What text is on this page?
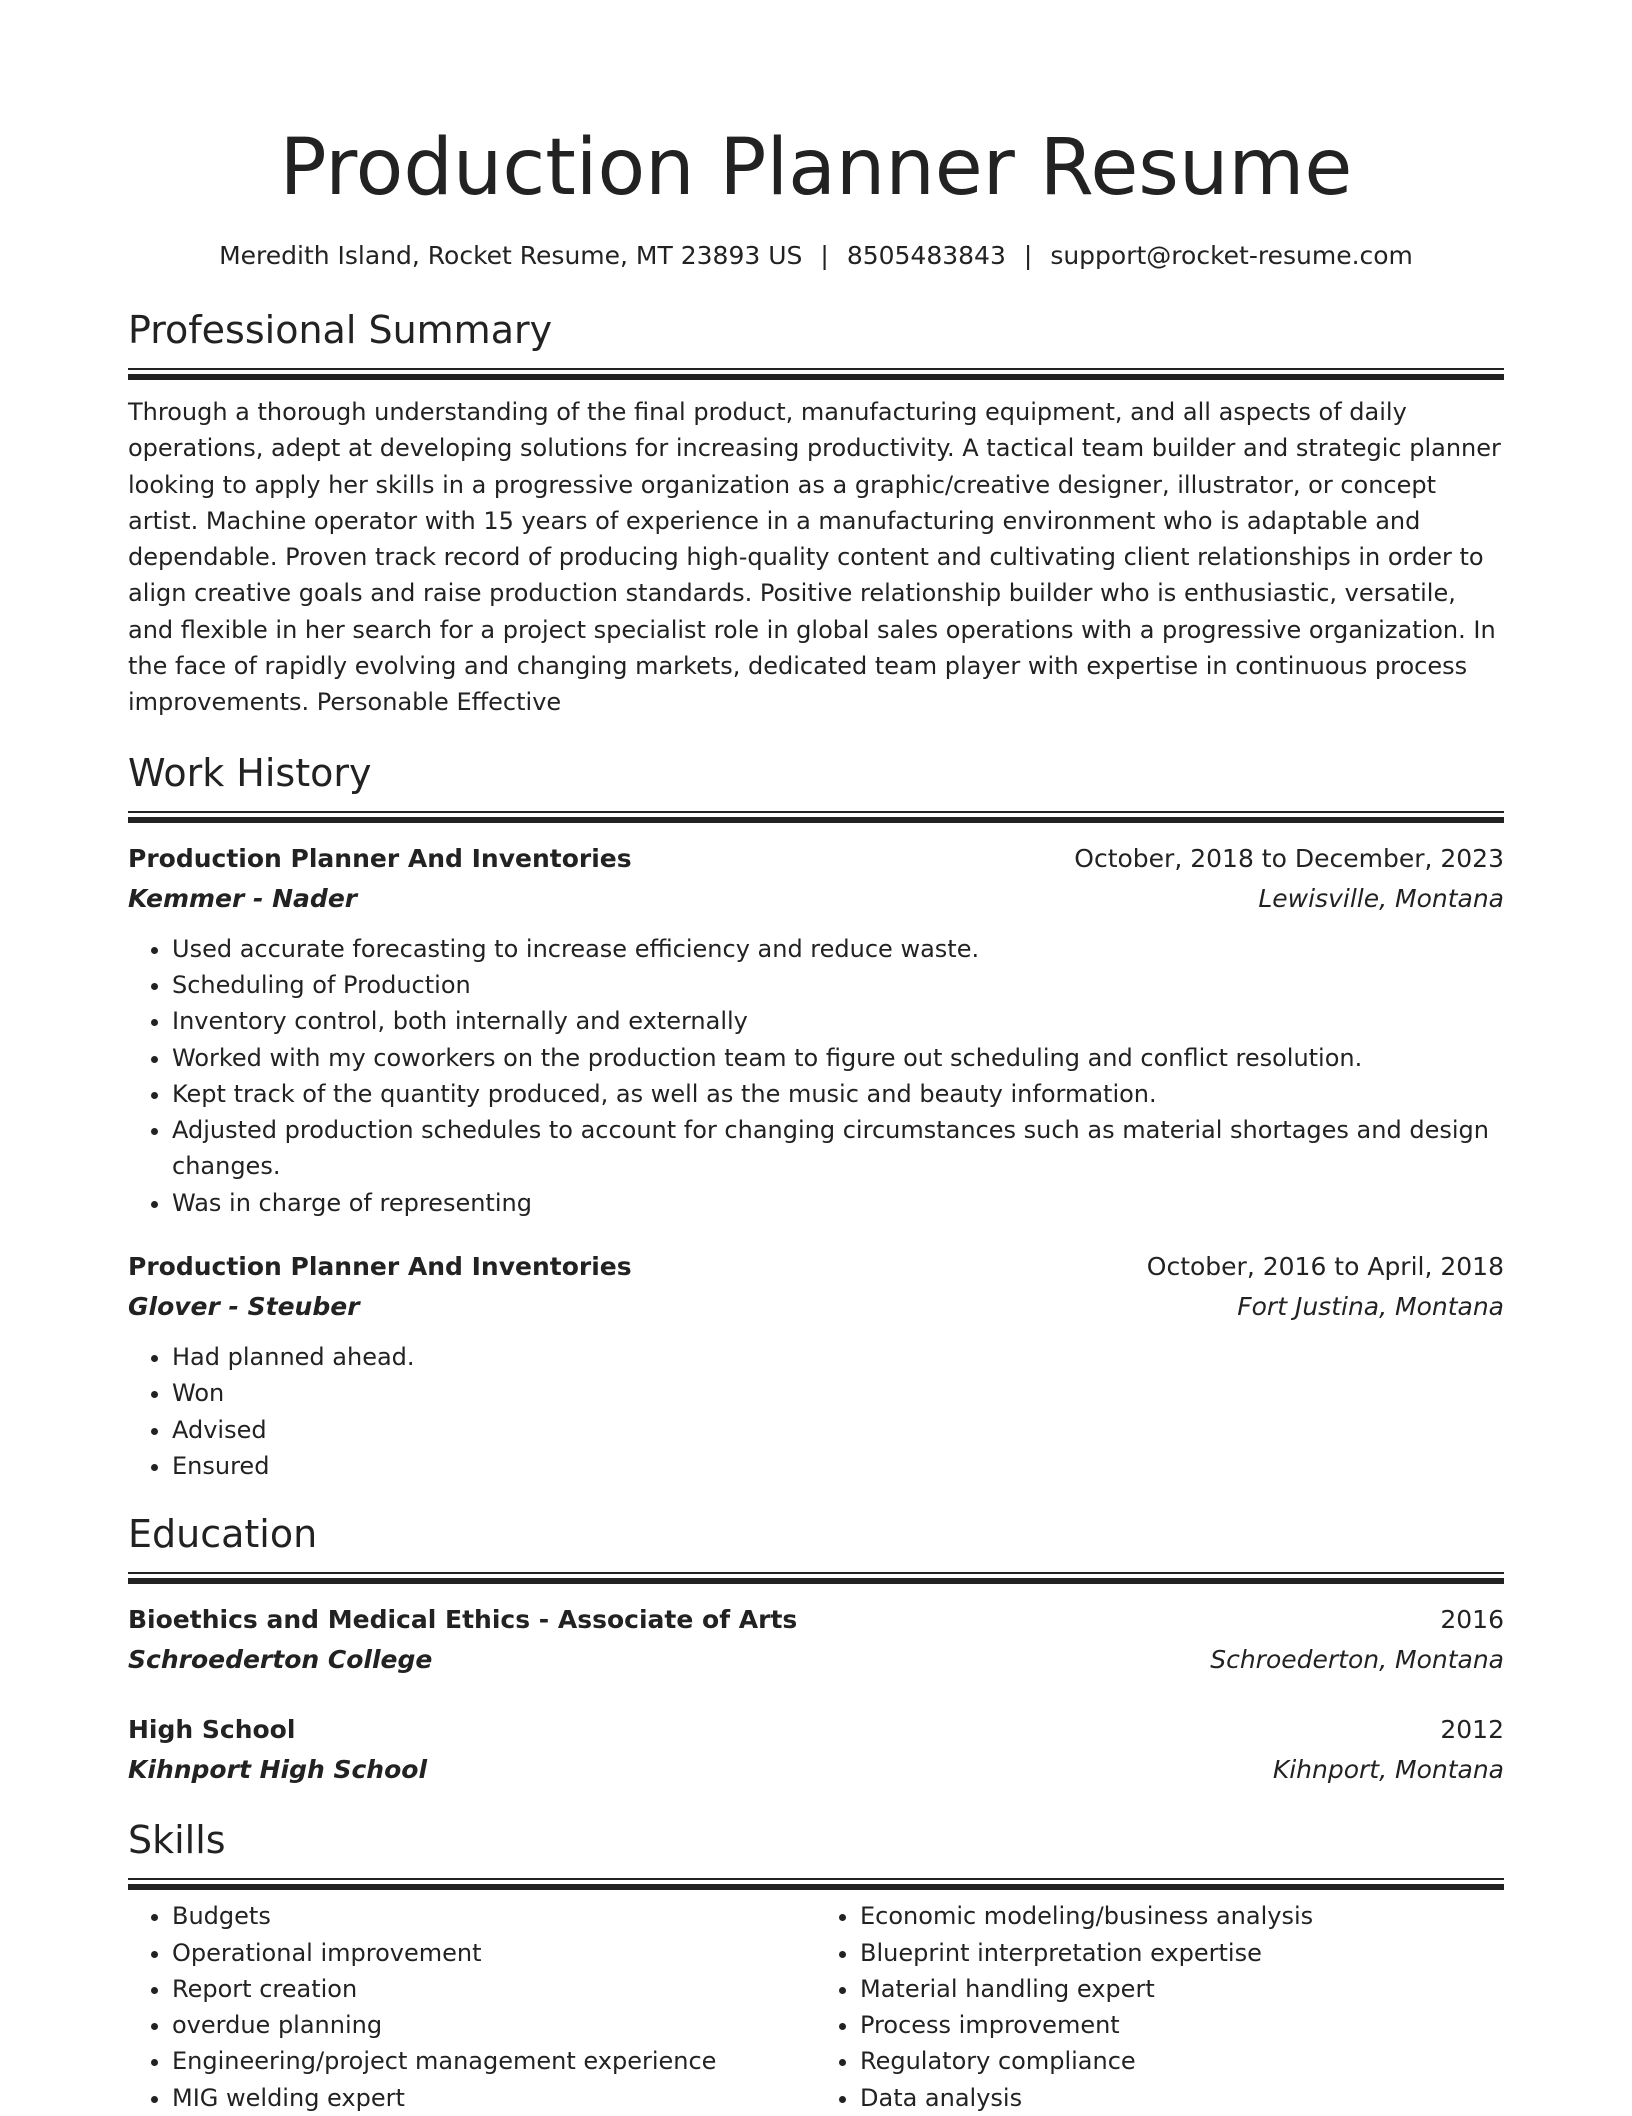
Production Planner Resume
Meredith Island, Rocket Resume, MT 23893 US | 8505483843 | support@rocket-resume.com
Professional Summary

Through a thorough understanding of the final product, manufacturing equipment, and all aspects of daily operations, adept at developing solutions for increasing productivity. A tactical team builder and strategic planner looking to apply her skills in a progressive organization as a graphic/creative designer, illustrator, or concept artist. Machine operator with 15 years of experience in a manufacturing environment who is adaptable and dependable. Proven track record of producing high-quality content and cultivating client relationships in order to align creative goals and raise production standards. Positive relationship builder who is enthusiastic, versatile, and flexible in her search for a project specialist role in global sales operations with a progressive organization. In the face of rapidly evolving and changing markets, dedicated team player with expertise in continuous process improvements. Personable Effective

Work History
Production Planner And Inventories	October, 2018 to December, 2023
Kemmer - Nader	Lewisville, Montana
• Used accurate forecasting to increase efficiency and reduce waste.
• Scheduling of Production
• Inventory control, both internally and externally
• Worked with my coworkers on the production team to figure out scheduling and conflict resolution.
• Kept track of the quantity produced, as well as the music and beauty information.
• Adjusted production schedules to account for changing circumstances such as material shortages and design changes.
• Was in charge of representing
Production Planner And Inventories	October, 2016 to April, 2018
Glover - Steuber	Fort Justina, Montana
• Had planned ahead.
• Won
• Advised
• Ensured
Education
Bioethics and Medical Ethics - Associate of Arts	2016
Schroederton College	Schroederton, Montana
High School	2012
Kihnport High School	Kihnport, Montana
Skills
• Budgets
• Operational improvement
• Report creation
• overdue planning
• Engineering/project management experience
• MIG welding expert
• Economic modeling/business analysis
• Blueprint interpretation expertise
• Material handling expert
• Process improvement
• Regulatory compliance
• Data analysis
